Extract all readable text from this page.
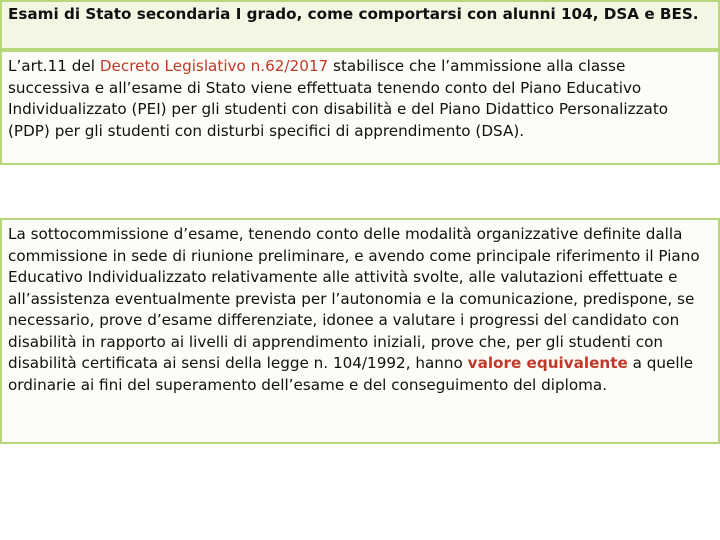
Esami di Stato secondaria I grado, come comportarsi con alunni 104, DSA e BES.

L’art.11 del Decreto Legislativo n.62/2017 stabilisce che l’ammissione alla classe successiva e all’esame di Stato viene effettuata tenendo conto del Piano Educativo Individualizzato (PEI) per gli studenti con disabilità e del Piano Didattico Personalizzato (PDP) per gli studenti con disturbi specifici di apprendimento (DSA).

La sottocommissione d’esame, tenendo conto delle modalità organizzative definite dalla commissione in sede di riunione preliminare, e avendo come principale riferimento il Piano Educativo Individualizzato relativamente alle attività svolte, alle valutazioni effettuate e all’assistenza eventualmente prevista per l’autonomia e la comunicazione, predispone, se necessario, prove d’esame differenziate, idonee a valutare i progressi del candidato con disabilità in rapporto ai livelli di apprendimento iniziali, prove che, per gli studenti con disabilità certificata ai sensi della legge n. 104/1992, hanno valore equivalente a quelle ordinarie ai fini del superamento dell’esame e del conseguimento del diploma.
